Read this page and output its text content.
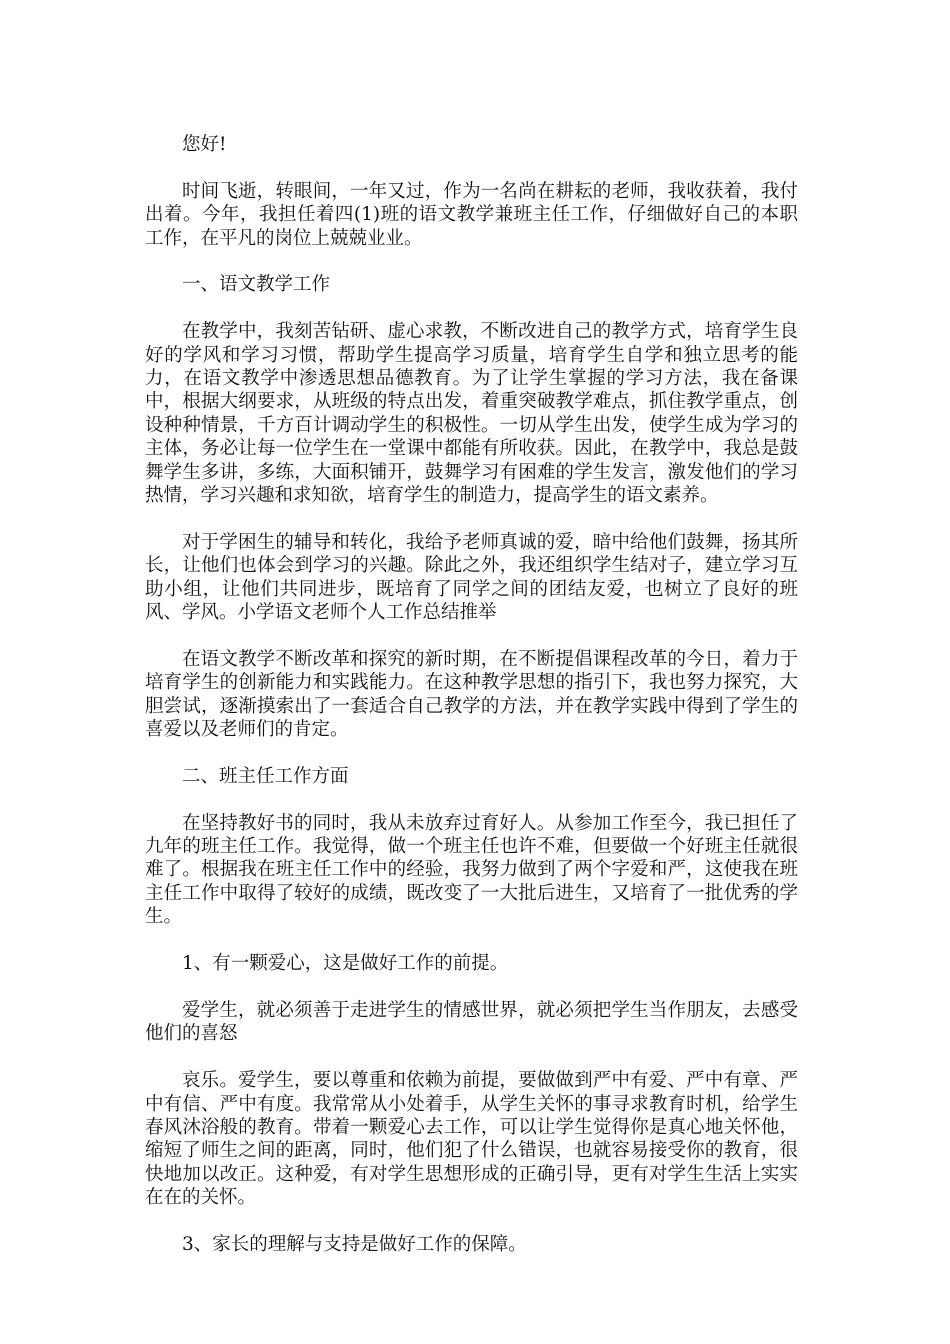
您好!

时间飞逝，转眼间，一年又过，作为一名尚在耕耘的老师，我收获着，我付出着。今年，我担任着四(1)班的语文教学兼班主任工作，仔细做好自己的本职工作，在平凡的岗位上兢兢业业。

一、语文教学工作

在教学中，我刻苦钻研、虚心求教，不断改进自己的教学方式，培育学生良好的学风和学习习惯，帮助学生提高学习质量，培育学生自学和独立思考的能力，在语文教学中渗透思想品德教育。为了让学生掌握的学习方法，我在备课中，根据大纲要求，从班级的特点出发，着重突破教学难点，抓住教学重点，创设种种情景，千方百计调动学生的积极性。一切从学生出发，使学生成为学习的主体，务必让每一位学生在一堂课中都能有所收获。因此，在教学中，我总是鼓舞学生多讲，多练，大面积铺开，鼓舞学习有困难的学生发言，激发他们的学习热情，学习兴趣和求知欲，培育学生的制造力，提高学生的语文素养。

对于学困生的辅导和转化，我给予老师真诚的爱，暗中给他们鼓舞，扬其所长，让他们也体会到学习的兴趣。除此之外，我还组织学生结对子，建立学习互助小组，让他们共同进步，既培育了同学之间的团结友爱，也树立了良好的班风、学风。小学语文老师个人工作总结推举

在语文教学不断改革和探究的新时期，在不断提倡课程改革的今日，着力于培育学生的创新能力和实践能力。在这种教学思想的指引下，我也努力探究，大胆尝试，逐渐摸索出了一套适合自己教学的方法，并在教学实践中得到了学生的喜爱以及老师们的肯定。

二、班主任工作方面

在坚持教好书的同时，我从未放弃过育好人。从参加工作至今，我已担任了九年的班主任工作。我觉得，做一个班主任也许不难，但要做一个好班主任就很难了。根据我在班主任工作中的经验，我努力做到了两个字爱和严，这使我在班主任工作中取得了较好的成绩，既改变了一大批后进生，又培育了一批优秀的学生。

1、有一颗爱心，这是做好工作的前提。

爱学生，就必须善于走进学生的情感世界，就必须把学生当作朋友，去感受他们的喜怒

哀乐。爱学生，要以尊重和依赖为前提，要做做到严中有爱、严中有章、严中有信、严中有度。我常常从小处着手，从学生关怀的事寻求教育时机，给学生春风沐浴般的教育。带着一颗爱心去工作，可以让学生觉得你是真心地关怀他，缩短了师生之间的距离，同时，他们犯了什么错误，也就容易接受你的教育，很快地加以改正。这种爱，有对学生思想形成的正确引导，更有对学生生活上实实在在的关怀。

3、家长的理解与支持是做好工作的保障。
